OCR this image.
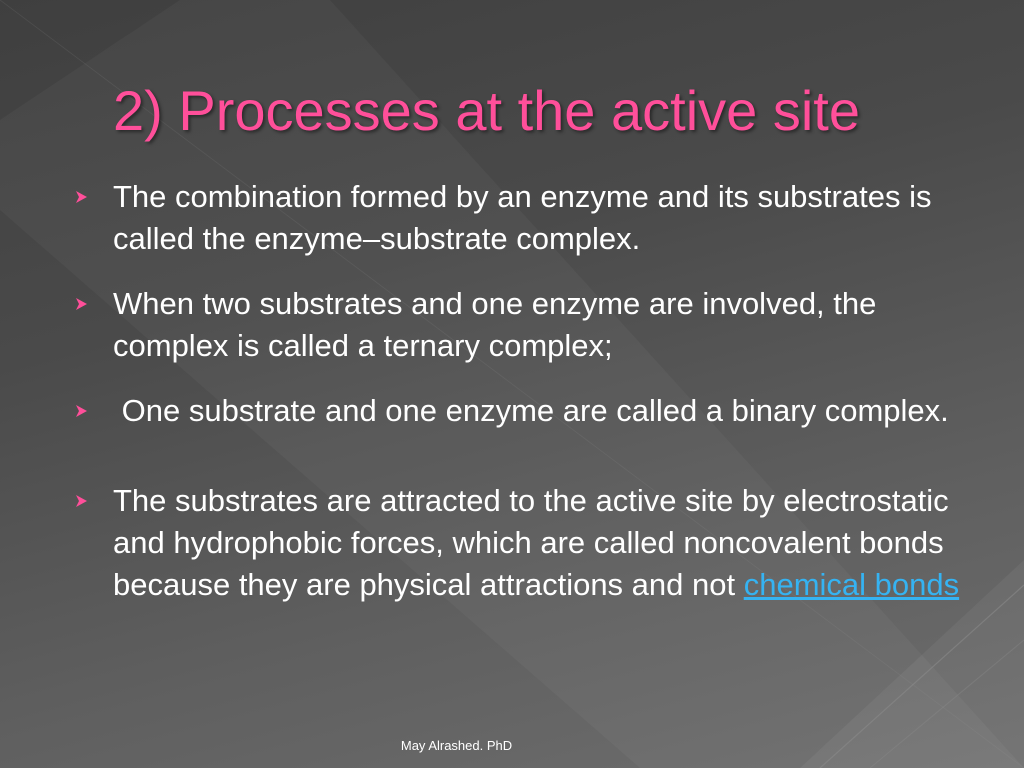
2) Processes at the active site
The combination formed by an enzyme and its substrates is called the enzyme–substrate complex.
When two substrates and one enzyme are involved, the complex is called a ternary complex;
One substrate and one enzyme are called a binary complex.
The substrates are attracted to the active site by electrostatic and hydrophobic forces, which are called noncovalent bonds because they are physical attractions and not chemical bonds
May Alrashed. PhD
